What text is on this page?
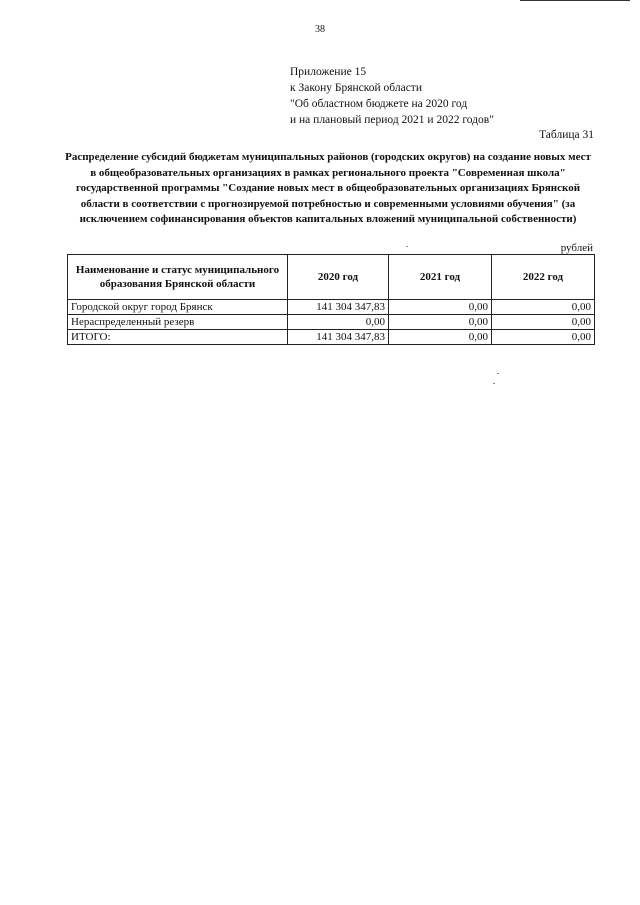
38
Приложение 15
к Закону Брянской области
"Об областном бюджете на 2020 год
и на плановый период 2021 и 2022 годов"
Таблица 31
Распределение субсидий бюджетам муниципальных районов (городских округов) на создание новых мест в общеобразовательных организациях в рамках регионального проекта "Современная школа" государственной программы "Создание новых мест в общеобразовательных организациях Брянской области в соответствии с прогнозируемой потребностью и современными условиями обучения" (за исключением софинансирования объектов капитальных вложений муниципальной собственности)
рублей
Наименование и статус муниципального образования Брянской области	2020 год	2021 год	2022 год
Городской округ город Брянск	141 304 347,83	0,00	0,00
Нераспределенный резерв	0,00	0,00	0,00
ИТОГО:	141 304 347,83	0,00	0,00
